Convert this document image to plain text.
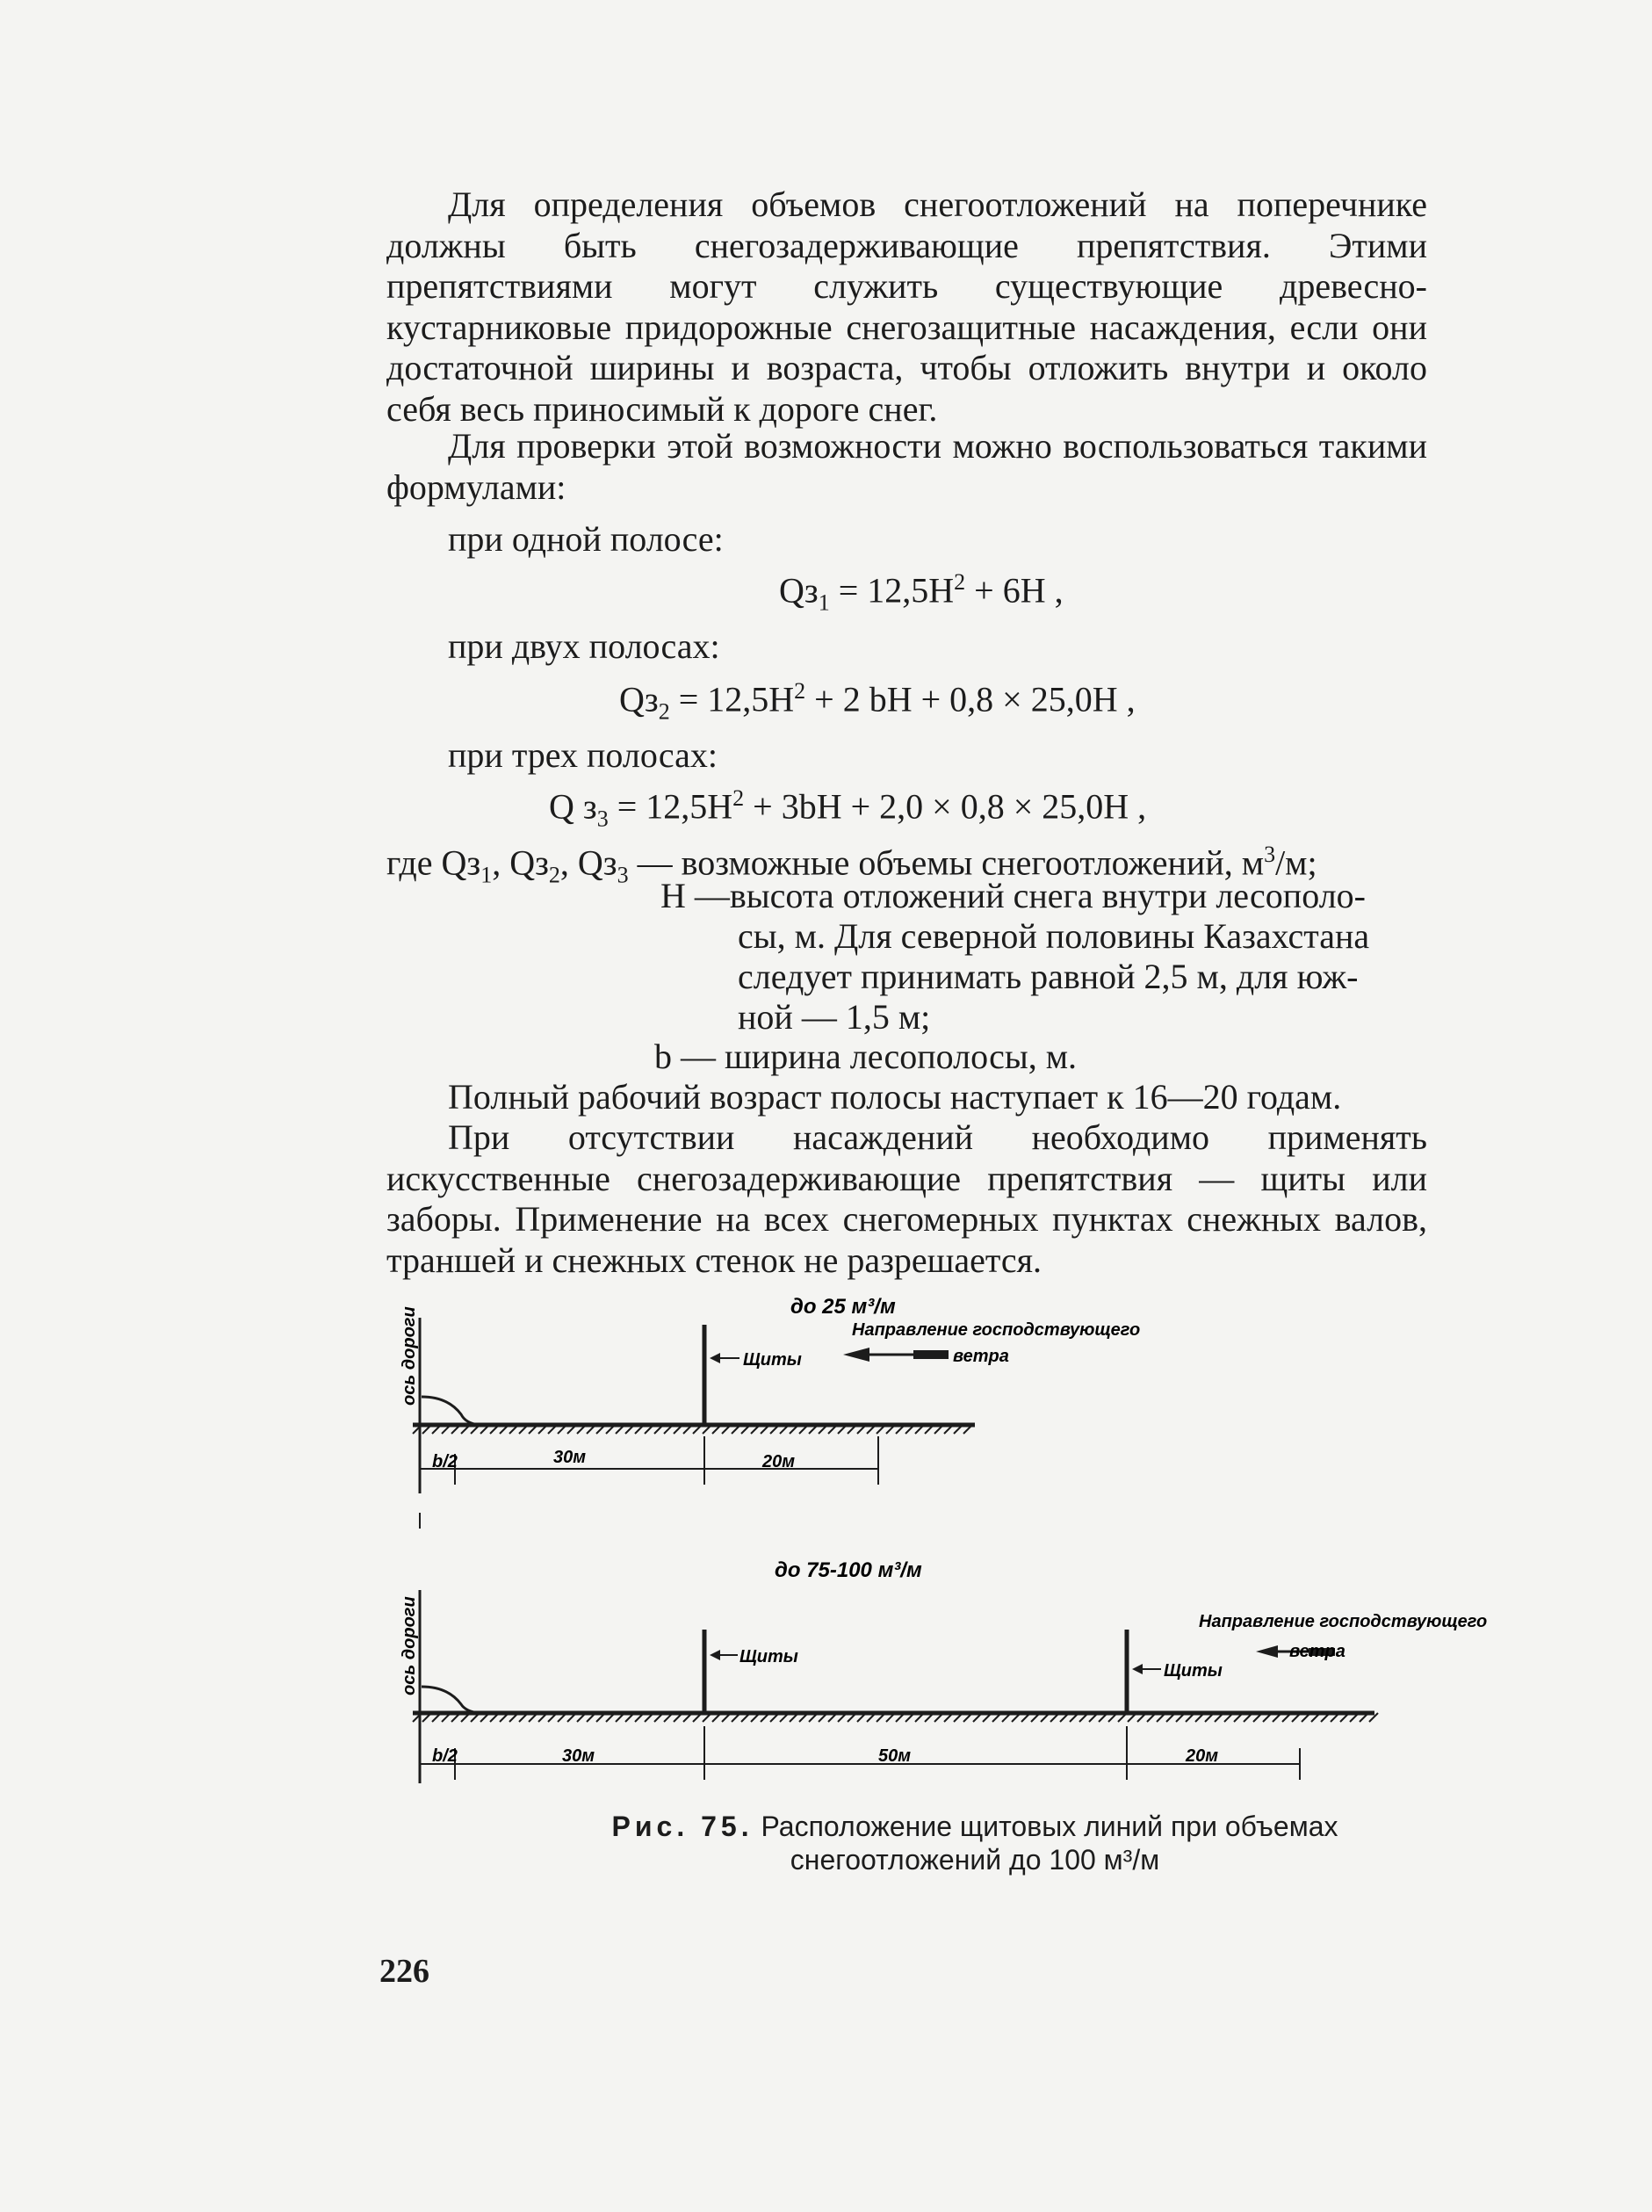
Для определения объемов снегоотложений на поперечнике должны быть снегозадерживающие препятствия. Этими препятствиями могут служить существующие древесно-кустарниковые придорожные снегозащитные насаждения, если они достаточной ширины и возраста, чтобы отложить внутри и около себя весь приносимый к дороге снег.

Для проверки этой возможности можно воспользоваться такими формулами:

при одной полосе:
$Qз_1 = 12,5H^2 + 6H$ ,
при двух полосах:
$Qз_2 = 12,5H^2 + 2$ bH + 0,8 × 25,0H ,
при трех полосах:
Q $з_3 = 12,5H^2 + 3bH + 2,0 \times 0,8 \times 25,0H$ ,
где $Qз_1$, $Qз_2$, $Qз_3$ — возможные объемы снегоотложений, $м^3/м$;
H —высота отложений снега внутри лесополо-
сы, м. Для северной половины Казахстана
следует принимать равной 2,5 м, для юж-
ной — 1,5 м;
b — ширина лесополосы, м.
Полный рабочий возраст полосы наступает к 16—20 годам.

При отсутствии насаждений необходимо применять искусственные снегозадерживающие препятствия — щиты или заборы. Применение на всех снегомерных пунктах снежных валов, траншей и снежных стенок не разрешается.

до 25 м³/м
Направление господствующего
ветра
Щиты
ось дороги
b/2	30м	20м
до 75-100 м³/м
Направление господствующего
ветра
Щиты
Щиты
ось дороги
b/2	30м	50м	20м
Рис. 75. Расположение щитовых линий при объемах
снегоотложений до 100 м³/м
226
